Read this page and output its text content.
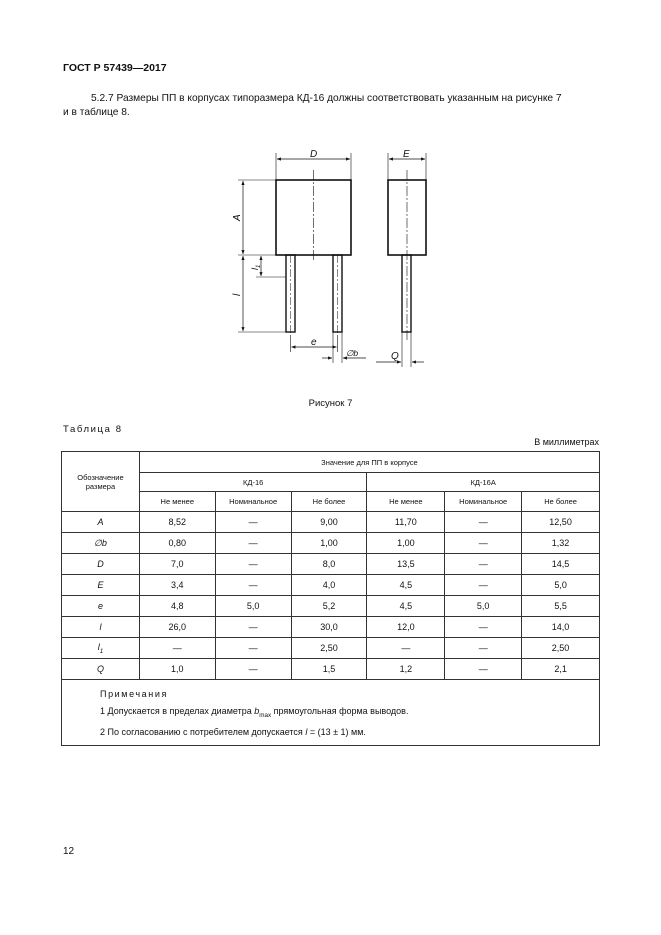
ГОСТ Р 57439—2017
5.2.7 Размеры ПП в корпусах типоразмера КД-16 должны соответствовать указанным на рисунке 7
и в таблице 8.
D	E
A
$l_1$
l
e
∅b	Q
Рисунок 7
Таблица 8
В миллиметрах
Обозначение
размера	Значение для ПП в корпусе					
	КД-16			КД-16А		
	Не менее	Номинальное	Не более	Не менее	Номинальное	Не более
A	8,52	—	9,00	11,70	—	12,50
∅b	0,80	—	1,00	1,00	—	1,32
D	7,0	—	8,0	13,5	—	14,5
E	3,4	—	4,0	4,5	—	5,0
e	4,8	5,0	5,2	4,5	5,0	5,5
l	26,0	—	30,0	12,0	—	14,0
$l_1$	—	—	2,50	—	—	2,50
Q	1,0	—	1,5	1,2	—	2,1

Примечания
1 Допускается в пределах диаметра $b_{max}$ прямоугольная форма выводов.
2 По согласованию с потребителем допускается l = (13 ± 1) мм.						
12
